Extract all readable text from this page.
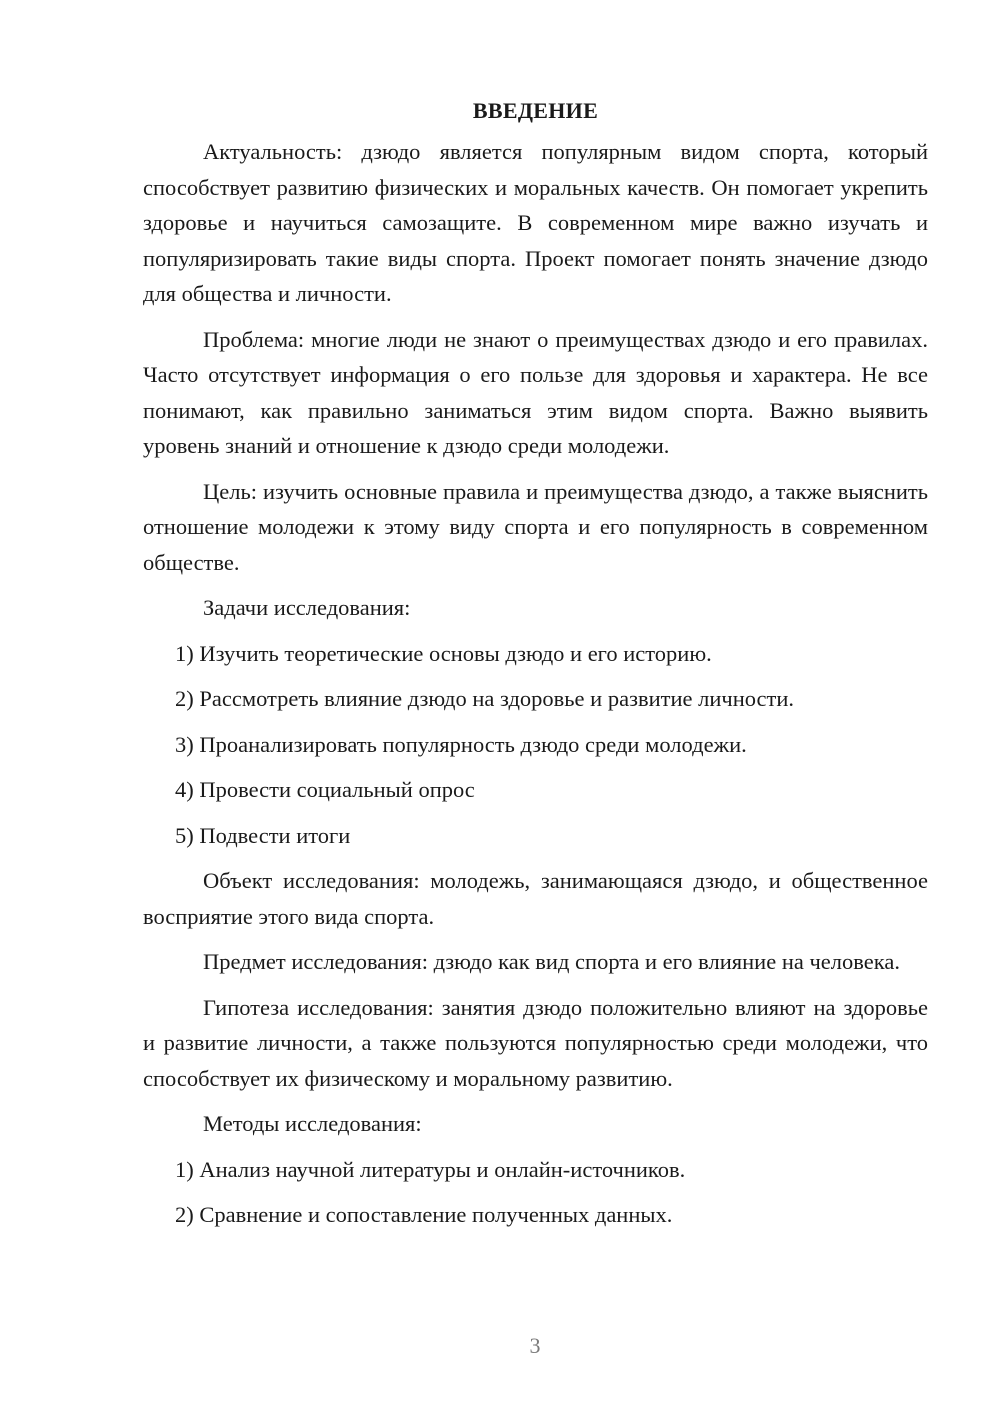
ВВЕДЕНИЕ

Актуальность: дзюдо является популярным видом спорта, который способствует развитию физических и моральных качеств. Он помогает укрепить здоровье и научиться самозащите. В современном мире важно изучать и популяризировать такие виды спорта. Проект помогает понять значение дзюдо для общества и личности.

Проблема: многие люди не знают о преимуществах дзюдо и его правилах. Часто отсутствует информация о его пользе для здоровья и характера. Не все понимают, как правильно заниматься этим видом спорта. Важно выявить уровень знаний и отношение к дзюдо среди молодежи.

Цель: изучить основные правила и преимущества дзюдо, а также выяснить отношение молодежи к этому виду спорта и его популярность в современном обществе.

Задачи исследования:

1) Изучить теоретические основы дзюдо и его историю.

2) Рассмотреть влияние дзюдо на здоровье и развитие личности.

3) Проанализировать популярность дзюдо среди молодежи.

4) Провести социальный опрос

5) Подвести итоги

Объект исследования: молодежь, занимающаяся дзюдо, и общественное восприятие этого вида спорта.

Предмет исследования: дзюдо как вид спорта и его влияние на человека.

Гипотеза исследования: занятия дзюдо положительно влияют на здоровье и развитие личности, а также пользуются популярностью среди молодежи, что способствует их физическому и моральному развитию.

Методы исследования:

1) Анализ научной литературы и онлайн-источников.

2) Сравнение и сопоставление полученных данных.

3
